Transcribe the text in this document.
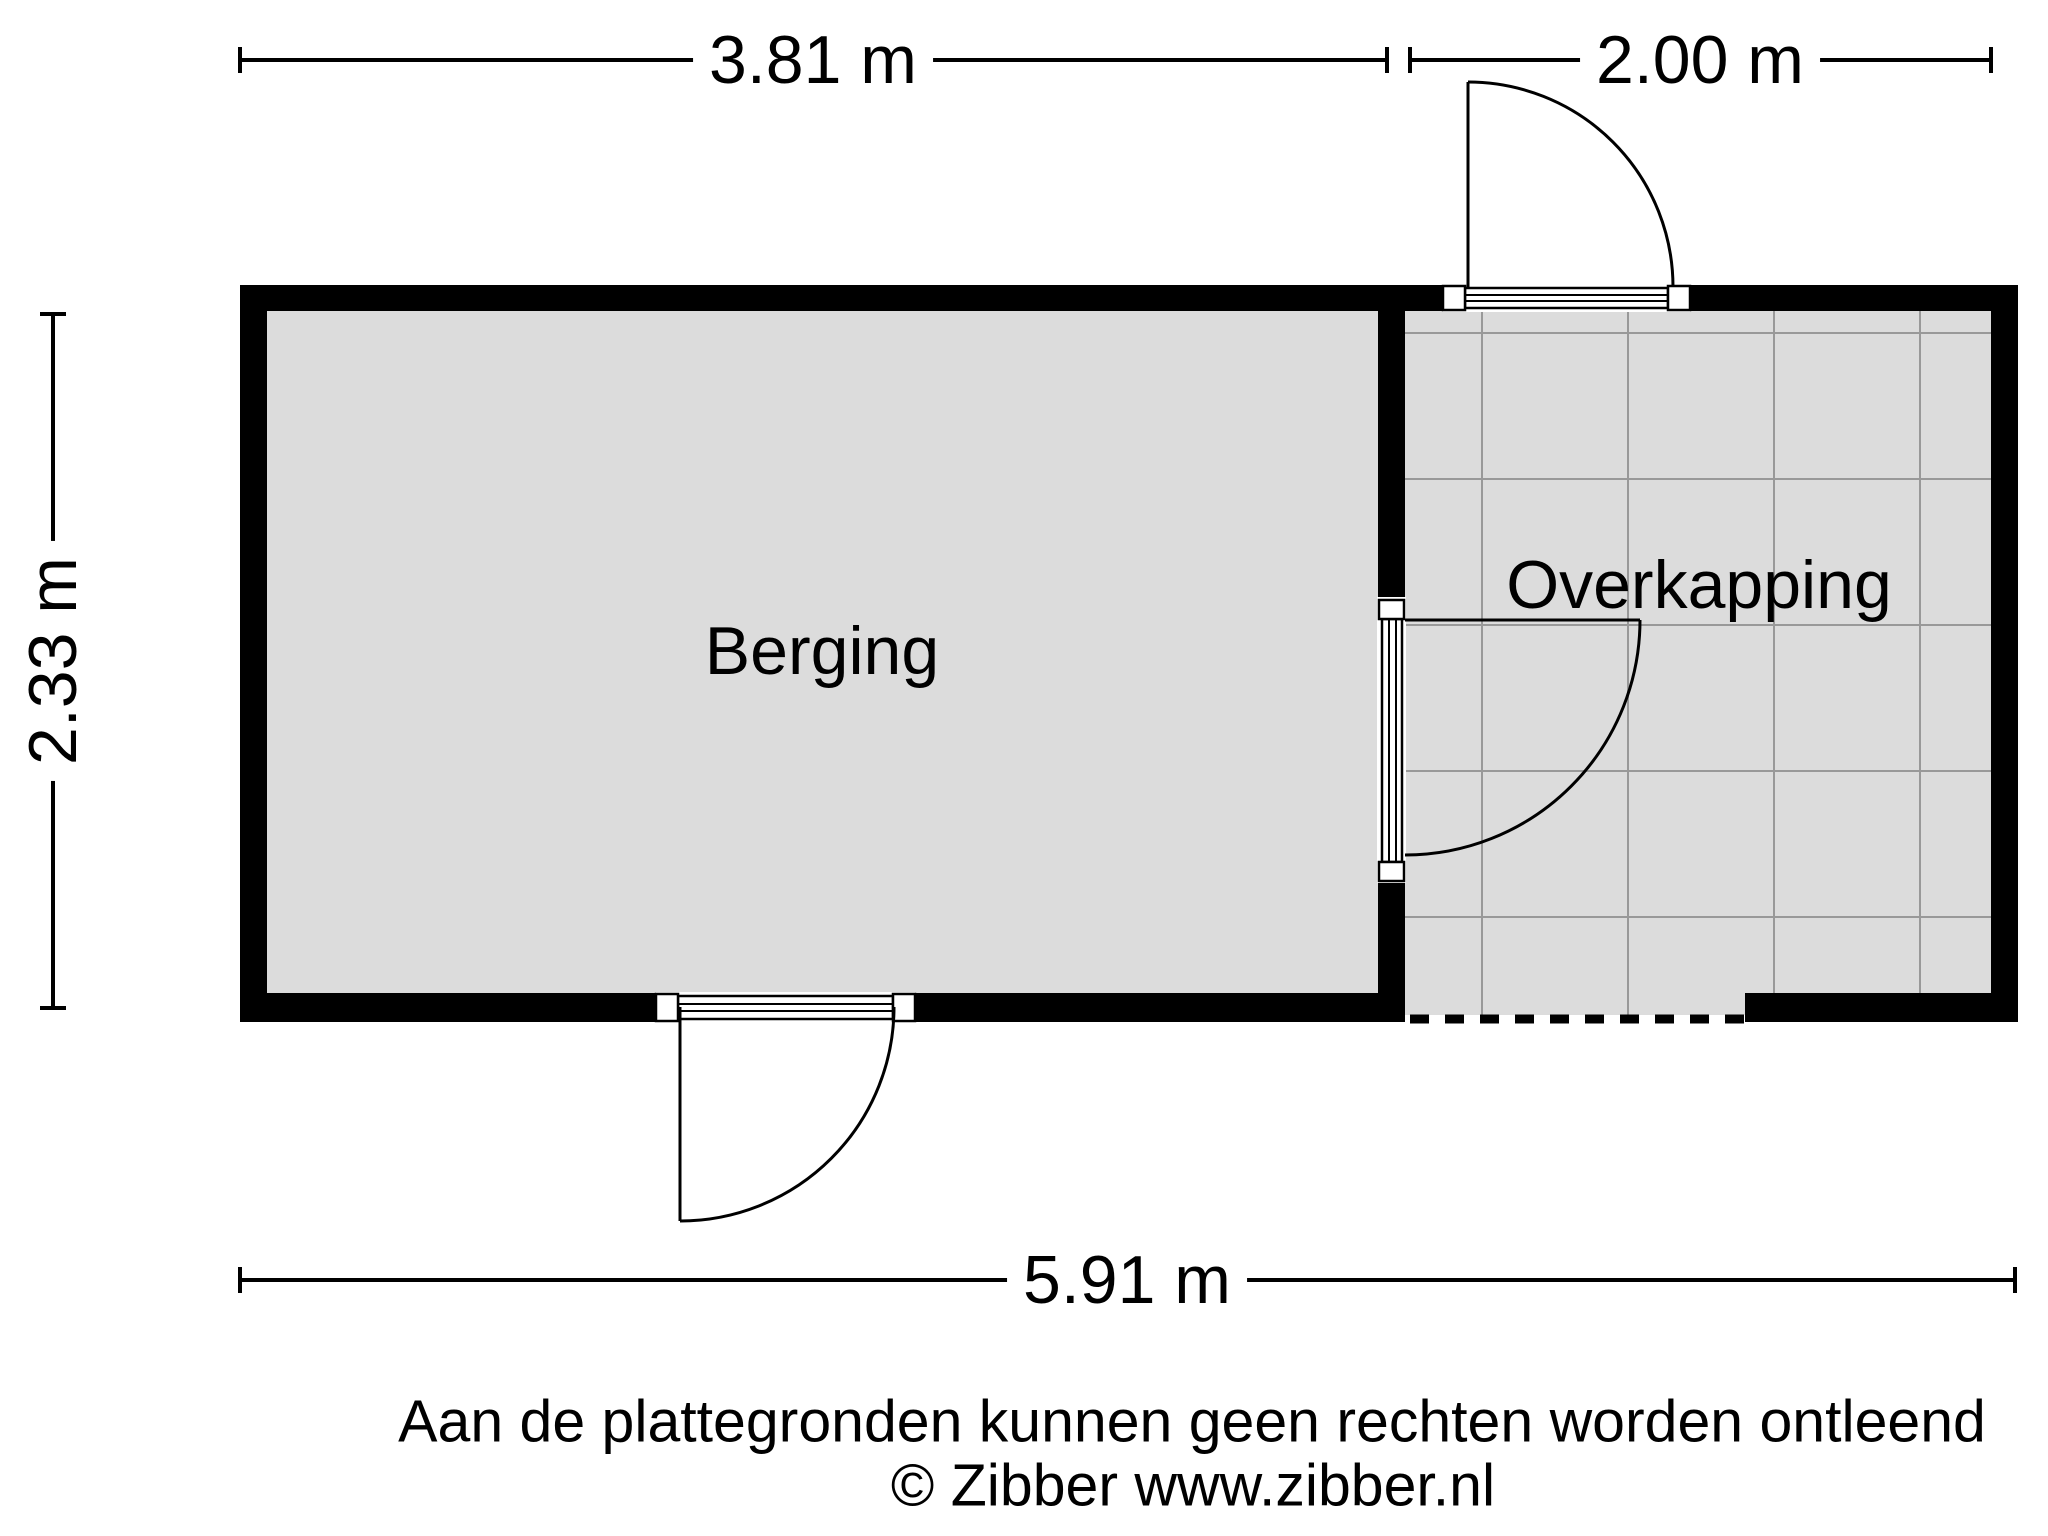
3.81 m	2.00 m
2.33 m
5.91 m
Berging
Overkapping
Aan de plattegronden kunnen geen rechten worden ontleend
© Zibber www.zibber.nl
